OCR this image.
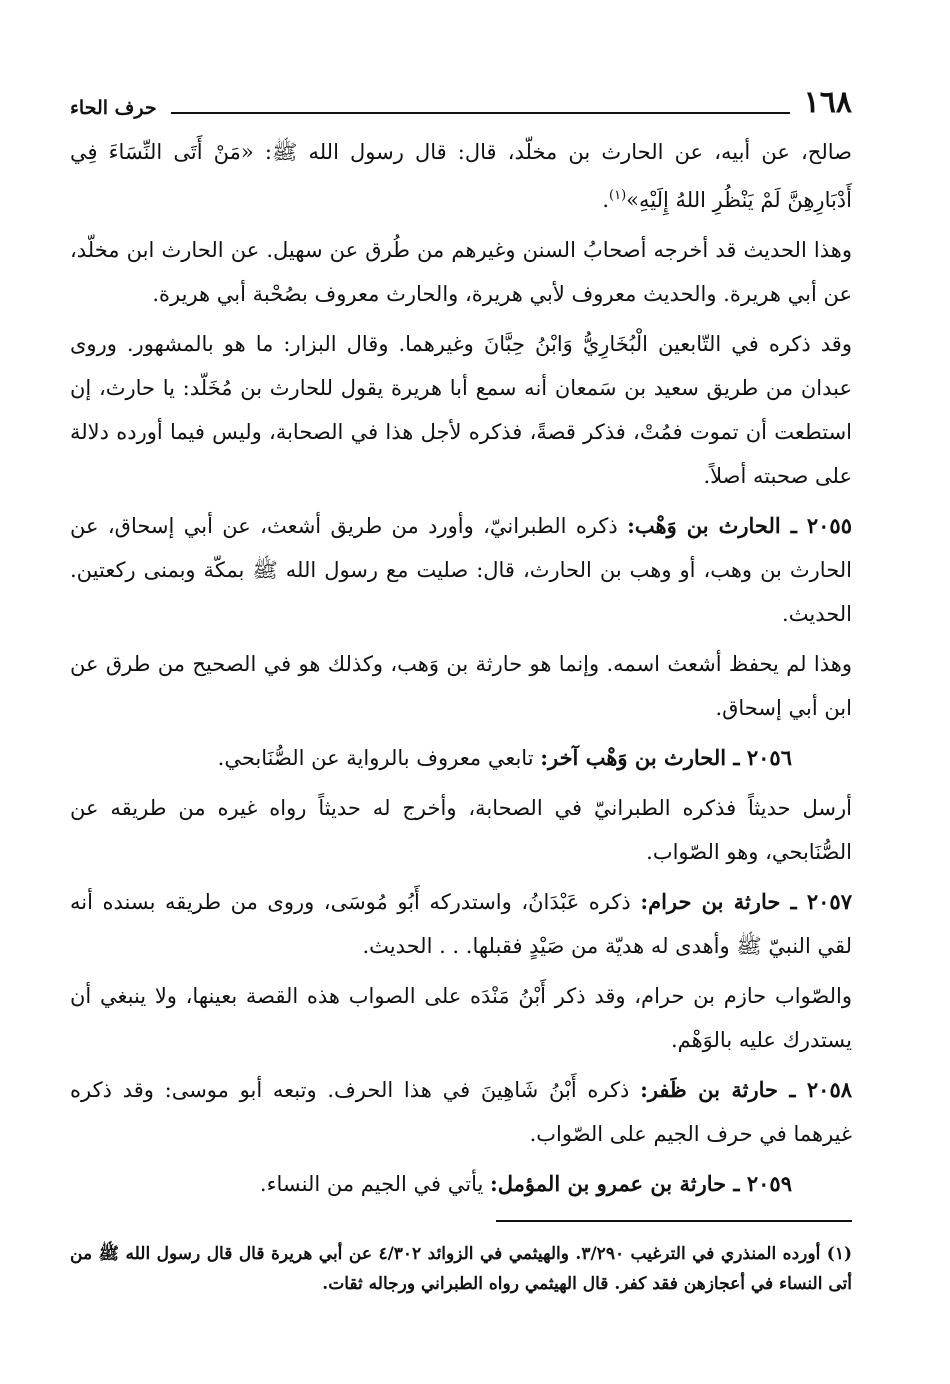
١٦٨
حرف الحاء

صالح، عن أبيه، عن الحارث بن مخلّد، قال: قال رسول الله ﷺ: «مَنْ أَتَى النِّسَاءَ فِي أَدْبَارِهِنَّ لَمْ يَنْظُرِ اللهُ إِلَيْهِ»$^{(١)}$.

وهذا الحديث قد أخرجه أصحابُ السنن وغيرهم من طُرق عن سهيل. عن الحارث ابن مخلّد، عن أبي هريرة. والحديث معروف لأبي هريرة، والحارث معروف بصُحْبة أبي هريرة.

وقد ذكره في التّابعين الْبُخَارِيُّ وَابْنُ حِبَّانَ وغيرهما. وقال البزار: ما هو بالمشهور. وروى عبدان من طريق سعيد بن سَمعان أنه سمع أبا هريرة يقول للحارث بن مُخَلّد: يا حارث، إن استطعت أن تموت فمُتْ، فذكر قصةً، فذكره لأجل هذا في الصحابة، وليس فيما أورده دلالة على صحبته أصلاً.

٢٠٥٥ ـ الحارث بن وَهْب: ذكره الطبرانيّ، وأورد من طريق أشعث، عن أبي إسحاق، عن الحارث بن وهب، أو وهب بن الحارث، قال: صليت مع رسول الله ﷺ بمكّة وبمنى ركعتين. الحديث.

وهذا لم يحفظ أشعث اسمه. وإنما هو حارثة بن وَهب، وكذلك هو في الصحيح من طرق عن ابن أبي إسحاق.

٢٠٥٦ ـ الحارث بن وَهْب آخر: تابعي معروف بالرواية عن الصُّنَابحي.

أرسل حديثاً فذكره الطبرانيّ في الصحابة، وأخرج له حديثاً رواه غيره من طريقه عن الصُّنَابحي، وهو الصّواب.

٢٠٥٧ ـ حارثة بن حرام: ذكره عَبْدَانُ، واستدركه أَبُو مُوسَى، وروى من طريقه بسنده أنه لقي النبيّ ﷺ وأهدى له هديّة من صَيْدٍ فقبلها. . . الحديث.

والصّواب حازم بن حرام، وقد ذكر أَبْنُ مَنْدَه على الصواب هذه القصة بعينها، ولا ينبغي أن يستدرك عليه بالوَهْم.

٢٠٥٨ ـ حارثة بن ظَفر: ذكره أَبْنُ شَاهِينَ في هذا الحرف. وتبعه أبو موسى: وقد ذكره غيرهما في حرف الجيم على الصّواب.

٢٠٥٩ ـ حارثة بن عمرو بن المؤمل: يأتي في الجيم من النساء.

(١) أورده المنذري في الترغيب ٣/٢٩٠. والهيثمي في الزوائد ٤/٣٠٢ عن أبي هريرة قال قال رسول الله ﷺ من أتى النساء في أعجازهن فقد كفر. قال الهيثمي رواه الطبراني ورجاله ثقات.
